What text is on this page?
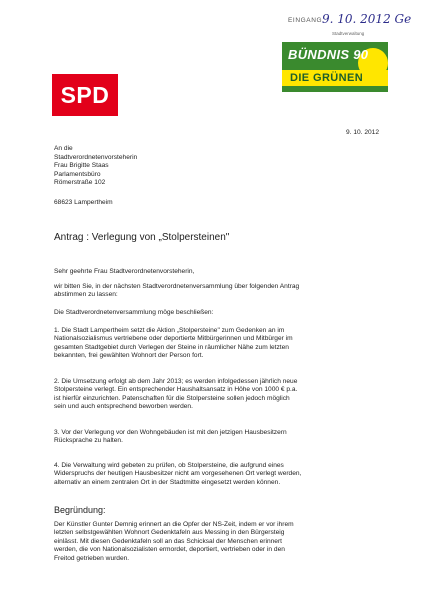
SPD
EINGANG 9. 10. 2012 Ge
Stadtverwaltung
BÜNDNIS 90
DIE GRÜNEN
9. 10. 2012
An die
Stadtverordnetenvorsteherin
Frau Brigitte Staas
Parlamentsbüro
Römerstraße 102
68623 Lampertheim
Antrag : Verlegung von „Stolpersteinen"
Sehr geehrte Frau Stadtverordnetenvorsteherin,
wir bitten Sie, in der nächsten Stadtverordnetenversammlung über folgenden Antrag
abstimmen zu lassen:
Die Stadtverordnetenversammlung möge beschließen:
1. Die Stadt Lampertheim setzt die Aktion „Stolpersteine" zum Gedenken an im
Nationalsozialismus vertriebene oder deportierte Mitbürgerinnen und Mitbürger im
gesamten Stadtgebiet durch Verlegen der Steine in räumlicher Nähe zum letzten
bekannten, frei gewählten Wohnort der Person fort.
2. Die Umsetzung erfolgt ab dem Jahr 2013; es werden infolgedessen jährlich neue
Stolpersteine verlegt. Ein entsprechender Haushaltsansatz in Höhe von 1000 € p.a.
ist hierfür einzurichten. Patenschaften für die Stolpersteine sollen jedoch möglich
sein und auch entsprechend beworben werden.
3. Vor der Verlegung vor den Wohngebäuden ist mit den jetzigen Hausbesitzern
Rücksprache zu halten.
4. Die Verwaltung wird gebeten zu prüfen, ob Stolpersteine, die aufgrund eines
Widerspruchs der heutigen Hausbesitzer nicht am vorgesehenen Ort verlegt werden,
alternativ an einem zentralen Ort in der Stadtmitte eingesetzt werden können.
Begründung:
Der Künstler Gunter Demnig erinnert an die Opfer der NS-Zeit, indem er vor ihrem
letzten selbstgewählten Wohnort Gedenktafeln aus Messing in den Bürgersteig
einlässt. Mit diesen Gedenktafeln soll an das Schicksal der Menschen erinnert
werden, die von Nationalsozialisten ermordet, deportiert, vertrieben oder in den
Freitod getrieben wurden.
